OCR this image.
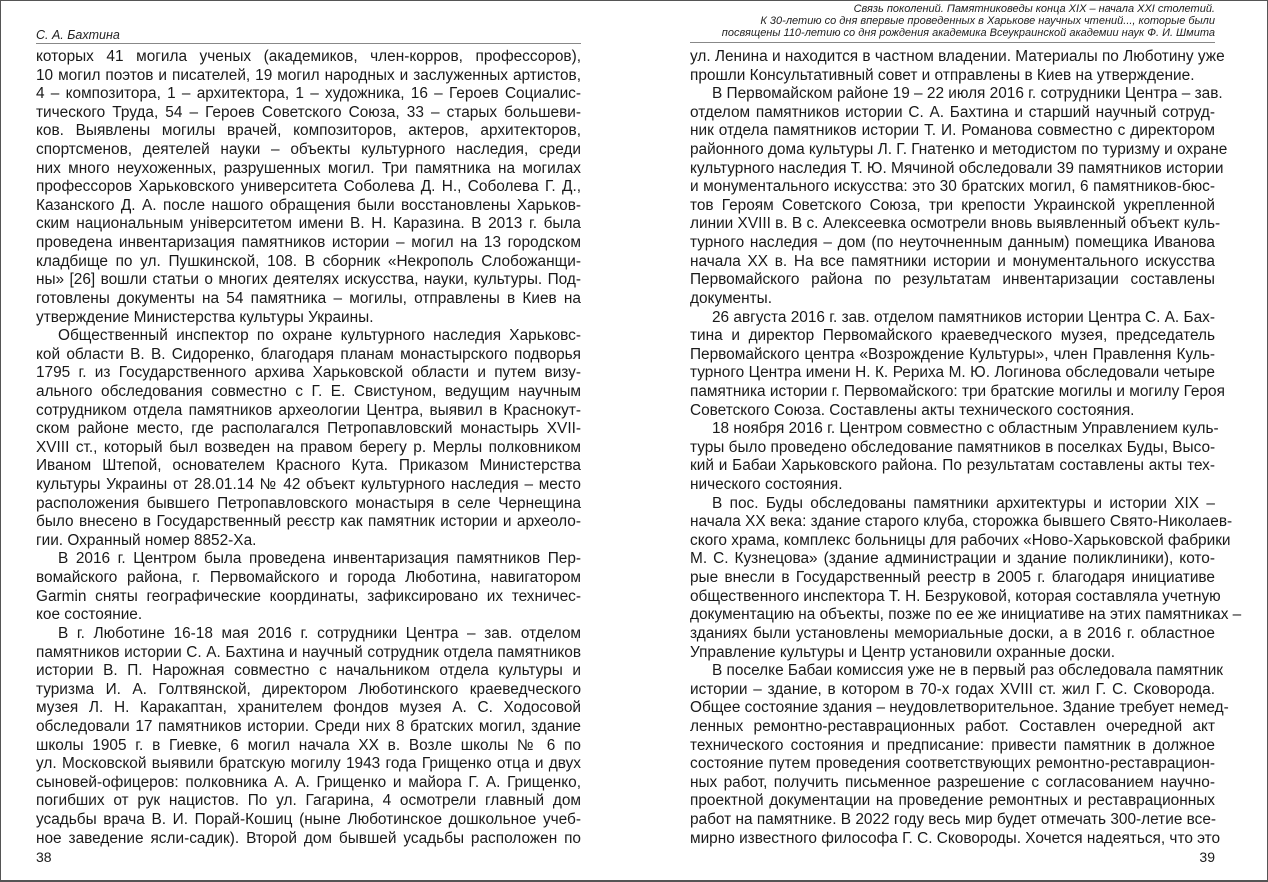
С. А. Бахтина
которых 41 могила ученых (академиков, член-корров, профессоров),
10 могил поэтов и писателей, 19 могил народных и заслуженных артистов,
4 – композитора, 1 – архитектора, 1 – художника, 16 – Героев Социалис-
тического Труда, 54 – Героев Советского Союза, 33 – старых большеви-
ков. Выявлены могилы врачей, композиторов, актеров, архитекторов,
спортсменов, деятелей науки – объекты культурного наследия, среди
них много неухоженных, разрушенных могил. Три памятника на могилах
профессоров Харьковского университета Соболева Д. Н., Соболева Г. Д.,
Казанского Д. А. после нашого обращения были восстановлены Харьков-
ским национальным університетом имени В. Н. Каразина. В 2013 г. была
проведена инвентаризация памятников истории – могил на 13 городском
кладбище по ул. Пушкинской, 108. В сборник «Некрополь Слобожанщи-
ны» [26] вошли статьи о многих деятелях искусства, науки, культуры. Под-
готовлены документы на 54 памятника – могилы, отправлены в Киев на
утверждение Министерства культуры Украины.
Общественный инспектор по охране культурного наследия Харьковс-
кой области В. В. Сидоренко, благодаря планам монастырского подворья
1795 г. из Государственного архива Харьковской области и путем визу-
ального обследования совместно с Г. Е. Свистуном, ведущим научным
сотрудником отдела памятников археологии Центра, выявил в Краснокут-
ском районе место, где располагался Петропавловский монастырь XVII-
XVIII ст., который был возведен на правом берегу р. Мерлы полковником
Иваном Штепой, основателем Красного Кута. Приказом Министерства
культуры Украины от 28.01.14 № 42 объект культурного наследия – место
расположения бывшего Петропавловского монастыря в селе Чернещина
было внесено в Государственный реєстр как памятник истории и археоло-
гии. Охранный номер 8852-Ха.
В 2016 г. Центром была проведена инвентаризация памятников Пер-
вомайского района, г. Первомайского и города Люботина, навигатором
Garmin сняты географические координаты, зафиксировано их техничес-
кое состояние.
В г. Люботине 16-18 мая 2016 г. сотрудники Центра – зав. отделом
памятников истории С. А. Бахтина и научный сотрудник отдела памятников
истории В. П. Нарожная совместно с начальником отдела культуры и
туризма И. А. Голтвянской, директором Люботинского краеведческого
музея Л. Н. Каракаптан, хранителем фондов музея А. С. Ходосовой
обследовали 17 памятников истории. Среди них 8 братских могил, здание
школы 1905 г. в Гиевке, 6 могил начала XX в. Возле школы № 6 по
ул. Московской выявили братскую могилу 1943 года Грищенко отца и двух
сыновей-офицеров: полковника А. А. Грищенко и майора Г. А. Грищенко,
погибших от рук нацистов. По ул. Гагарина, 4 осмотрели главный дом
усадьбы врача В. И. Порай-Кошиц (ныне Люботинское дошкольное учеб-
ное заведение ясли-садик). Второй дом бывшей усадьбы расположен по
38
Связь поколений. Памятниковеды конца XIX – начала XXI столетий.
К 30-летию со дня впервые проведенных в Харькове научных чтений..., которые были
посвящены 110-летию со дня рождения академика Всеукраинской академии наук Ф. И. Шмита
ул. Ленина и находится в частном владении. Материалы по Люботину уже
прошли Консультативный совет и отправлены в Киев на утверждение.
В Первомайском районе 19 – 22 июля 2016 г. сотрудники Центра – зав.
отделом памятников истории С. А. Бахтина и старший научный сотруд-
ник отдела памятников истории Т. И. Романова совместно с директором
районного дома культуры Л. Г. Гнатенко и методистом по туризму и охране
культурного наследия Т. Ю. Мячиной обследовали 39 памятников истории
и монументального искусства: это 30 братских могил, 6 памятников-бюс-
тов Героям Советского Союза, три крепости Украинской укрепленной
линии XVIII в. В с. Алексеевка осмотрели вновь выявленный объект куль-
турного наследия – дом (по неуточненным данным) помещика Иванова
начала XX в. На все памятники истории и монументального искусства
Первомайского района по результатам инвентаризации составлены
документы.
26 августа 2016 г. зав. отделом памятников истории Центра С. А. Бах-
тина и директор Первомайского краеведческого музея, председатель
Первомайского центра «Возрождение Культуры», член Правлення Куль-
турного Центра имени Н. К. Рериха М. Ю. Логинова обследовали четыре
памятника истории г. Первомайского: три братские могилы и могилу Героя
Советского Союза. Составлены акты технического состояния.
18 ноября 2016 г. Центром совместно с областным Управлением куль-
туры было проведено обследование памятников в поселках Буды, Высо-
кий и Бабаи Харьковского района. По результатам составлены акты тех-
нического состояния.
В пос. Буды обследованы памятники архитектуры и истории XIX –
начала XX века: здание старого клуба, сторожка бывшего Свято-Николаев-
ского храма, комплекс больницы для рабочих «Ново-Харьковской фабрики
М. С. Кузнецова» (здание администрации и здание поликлиники), кото-
рые внесли в Государственный реестр в 2005 г. благодаря инициативе
общественного инспектора Т. Н. Безруковой, которая составляла учетную
документацию на объекты, позже по ее же инициативе на этих памятниках –
зданиях были установлены мемориальные доски, а в 2016 г. областное
Управление культуры и Центр установили охранные доски.
В поселке Бабаи комиссия уже не в первый раз обследовала памятник
истории – здание, в котором в 70-х годах XVIII ст. жил Г. С. Сковорода.
Общее состояние здания – неудовлетворительное. Здание требует немед-
ленных ремонтно-реставрационных работ. Составлен очередной акт
технического состояния и предписание: привести памятник в должное
состояние путем проведения соответствующих ремонтно-реставрацион-
ных работ, получить письменное разрешение с согласованием научно-
проектной документации на проведение ремонтных и реставрационных
работ на памятнике. В 2022 году весь мир будет отмечать 300-летие все-
мирно известного философа Г. С. Сковороды. Хочется надеяться, что это
39
